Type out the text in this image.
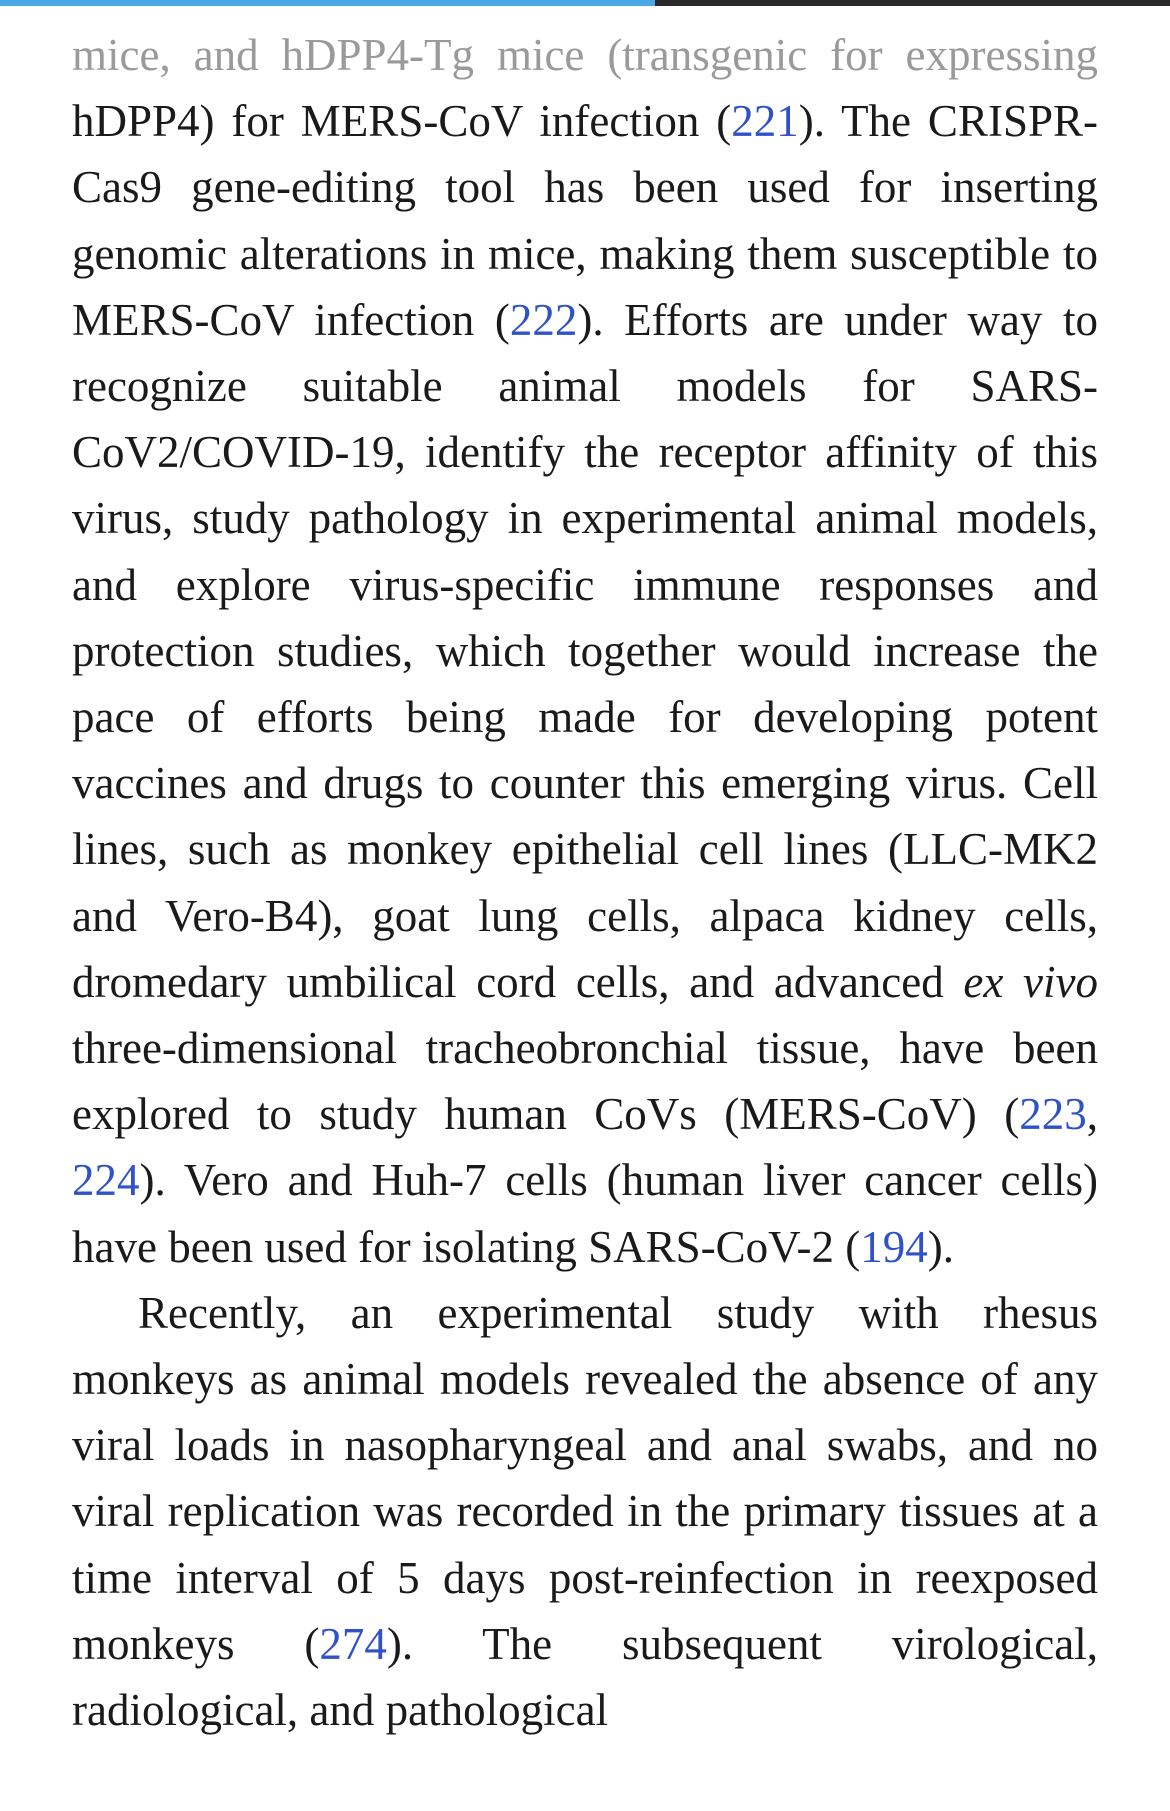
mice, and hDPP4-Tg mice (transgenic for expressing hDPP4) for MERS-CoV infection (221). The CRISPR-Cas9 gene-editing tool has been used for inserting genomic alterations in mice, making them susceptible to MERS-CoV infection (222). Efforts are under way to recognize suitable animal models for SARS-CoV2/COVID-19, identify the receptor affinity of this virus, study pathology in experimental animal models, and explore virus-specific immune responses and protection studies, which together would increase the pace of efforts being made for developing potent vaccines and drugs to counter this emerging virus. Cell lines, such as monkey epithelial cell lines (LLC-MK2 and Vero-B4), goat lung cells, alpaca kidney cells, dromedary umbilical cord cells, and advanced ex vivo three-dimensional tracheobronchial tissue, have been explored to study human CoVs (MERS-CoV) (223, 224). Vero and Huh-7 cells (human liver cancer cells) have been used for isolating SARS-CoV-2 (194).

Recently, an experimental study with rhesus monkeys as animal models revealed the absence of any viral loads in nasopharyngeal and anal swabs, and no viral replication was recorded in the primary tissues at a time interval of 5 days post-reinfection in reexposed monkeys (274). The subsequent virological, radiological, and pathological
